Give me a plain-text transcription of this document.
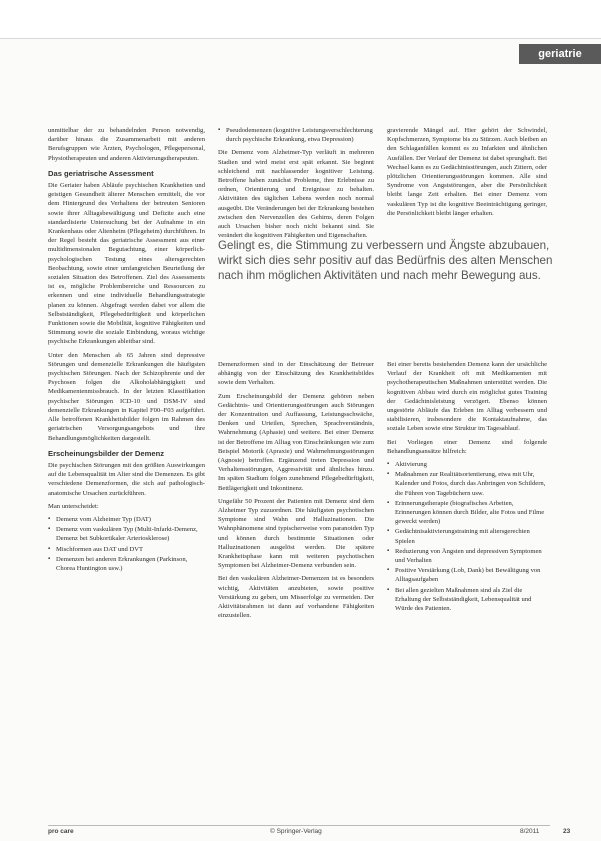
geriatrie

unmittelbar der zu behandelnden Person notwendig, darüber hinaus die Zusammenarbeit mit anderen Berufsgruppen wie Ärzten, Psychologen, Pflegepersonal, Physiotherapeuten und anderen Aktivierungstherapeuten.

Das geriatrische Assessment

Die Geriater haben Abläufe psychischen Krankheiten und geistigen Gesundheit älterer Menschen ermittelt, die vor dem Hintergrund des Verhaltens der betreuten Senioren sowie ihrer Alltagsbewältigung und Defizite auch eine standardisierte Untersuchung bei der Aufnahme in ein Krankenhaus oder Altenheim (Pflegeheim) durchführen. In der Regel besteht das geriatrische Assessment aus einer multidimensionalen Begutachtung, einer körperlich-psychologischen Testung eines altersgerechten Beobachtung, sowie einer umfangreichen Beurteilung der sozialen Situation des Betroffenen. Ziel des Assessments ist es, mögliche Problembereiche und Ressourcen zu erkennen und eine individuelle Behandlungsstrategie planen zu können. Abgefragt werden dabei vor allem die Selbstständigkeit, Pflegebedürftigkeit und körperlichen Funktionen sowie die Mobilität, kognitive Fähigkeiten und Stimmung sowie die soziale Einbindung, woraus wichtige psychische Erkrankungen ableitbar sind.

Unter den Menschen ab 65 Jahren sind depressive Störungen und demenzielle Erkrankungen die häufigsten psychischen Störungen. Nach der Schizophrenie und der Psychosen folgen die Alkoholabhängigkeit und Medikamentenmissbrauch. In der letzten Klassifikation psychischer Störungen ICD-10 und DSM-IV sind demenzielle Erkrankungen in Kapitel F00–F03 aufgeführt. Alle betroffenen Krankheitsbilder folgen im Rahmen des geriatrischen Versorgungsangebots und ihre Behandlungsmöglichkeiten dargestellt.

Erscheinungsbilder der Demenz

Die psychischen Störungen mit den größten Auswirkungen auf die Lebensqualität im Alter sind die Demenzen. Es gibt verschiedene Demenzformen, die sich auf pathologisch-anatomische Ursachen zurückführen.

Man unterscheidet:

▪ Demenz vom Alzheimer Typ (DAT)
▪ Demenz vom vaskulären Typ (Multi-Infarkt-Demenz, Demenz bei Subkortikaler Arteriosklerose)
▪ Mischformen aus DAT und DVT
▪ Demenzen bei anderen Erkrankungen (Parkinson, Chorea Huntington usw.)
▪ Pseudodemenzen (kognitive Leistungsverschlechterung durch psychische Erkrankung, etwa Depression)

Die Demenz vom Alzheimer-Typ verläuft in mehreren Stadien und wird meist erst spät erkannt. Sie beginnt schleichend mit nachlassender kognitiver Leistung. Betroffene haben zunächst Probleme, ihre Erlebnisse zu ordnen, Orientierung und Ereignisse zu behalten. Aktivitäten des täglichen Lebens werden noch normal ausgeübt. Die Veränderungen bei der Erkrankung bestehen zwischen den Nervenzellen des Gehirns, deren Folgen auch Ursachen bisher noch nicht bekannt sind. Sie verändert die kognitiven Fähigkeiten und Eigenschaften.

gravierende Mängel auf. Hier gehört der Schwindel, Kopfschmerzen, Symptome bis zu Stürzen. Auch bleiben an den Schlaganfällen kommt es zu Infarkten und ähnlichen Ausfällen. Der Verlauf der Demenz ist dabei sprunghaft. Bei Wechsel kann es zu Gedächtnisstörungen, auch Zittern, oder plötzlichen Orientierungsstörungen kommen. Alle sind Syndrome von Angststörungen, aber die Persönlichkeit bleibt lange Zeit erhalten. Bei einer Demenz vom vaskulären Typ ist die kognitive Beeinträchtigung geringer, die Persönlichkeit bleibt länger erhalten.

Gelingt es, die Stimmung zu verbessern und Ängste abzubauen, wirkt sich dies sehr positiv auf das Bedürfnis des alten Menschen nach ihm möglichen Aktivitäten und nach mehr Bewegung aus.

Demenzformen sind in der Einschätzung der Betreuer abhängig von der Einschätzung des Krankheitsbildes sowie dem Verhalten.

Zum Erscheinungsbild der Demenz gehören neben Gedächtnis- und Orientierungsstörungen auch Störungen der Konzentration und Auffassung, Leistungsschwäche, Denken und Urteilen, Sprechen, Sprachverständnis, Wahrnehmung (Aphasie) und weitere. Bei einer Demenz ist der Betroffene im Alltag von Einschränkungen wie zum Beispiel Motorik (Apraxie) und Wahrnehmungsstörungen (Agnosie) betroffen. Ergänzend treten Depression und Verhaltensstörungen, Aggressivität und ähnliches hinzu. Im späten Stadium folgen zunehmend Pflegebedürftigkeit, Bettlägerigkeit und Inkontinenz.

Ungefähr 50 Prozent der Patienten mit Demenz sind dem Alzheimer Typ zuzuordnen. Die häufigsten psychotischen Symptome sind Wahn und Halluzinationen. Die Wahnphänomene sind typischerweise vom paranoiden Typ und können durch bestimmte Situationen oder Halluzinationen ausgelöst werden. Die spätere Krankheitsphase kann mit weiteren psychotischen Symptomen bei Alzheimer-Demenz verbunden sein.

Bei den vaskulären Alzheimer-Demenzen ist es besonders wichtig, Aktivitäten anzubieten, sowie positive Verstärkung zu geben, um Misserfolge zu vermeiden. Der Aktivitätsrahmen ist dann auf vorhandene Fähigkeiten einzustellen.

Bei einer bereits bestehenden Demenz kann der ursächliche Verlauf der Krankheit oft mit Medikamenten mit psychotherapeutischen Maßnahmen unterstützt werden. Die kognitiven Abbau wird durch ein möglichst gutes Training der Gedächtnisleistung verzögert. Ebenso können ungestörte Abläufe das Erleben im Alltag verbessern und stabilisieren, insbesondere die Kontaktaufnahme, das soziale Leben sowie eine Struktur im Tagesablauf.

Bei Vorliegen einer Demenz sind folgende Behandlungsansätze hilfreich:

▪ Aktivierung
▪ Maßnahmen zur Realitätsorientierung, etwa mit Uhr, Kalender und Fotos, durch das Anbringen von Schildern, die Führen von Tagebüchern usw.
▪ Erinnerungstherapie (biografisches Arbeiten, Erinnerungen können durch Bilder, alte Fotos und Filme geweckt werden)
▪ Gedächtnisaktivierungstraining mit altersgerechten Spielen
▪ Reduzierung von Ängsten und depressiven Symptomen und Verhalten
▪ Positive Verstärkung (Lob, Dank) bei Bewältigung von Alltagsaufgaben
▪ Bei allen gezielten Maßnahmen sind als Ziel die Erhaltung der Selbstständigkeit, Lebensqualität und Würde des Patienten.
pro care	© Springer-Verlag	8/2011	23
